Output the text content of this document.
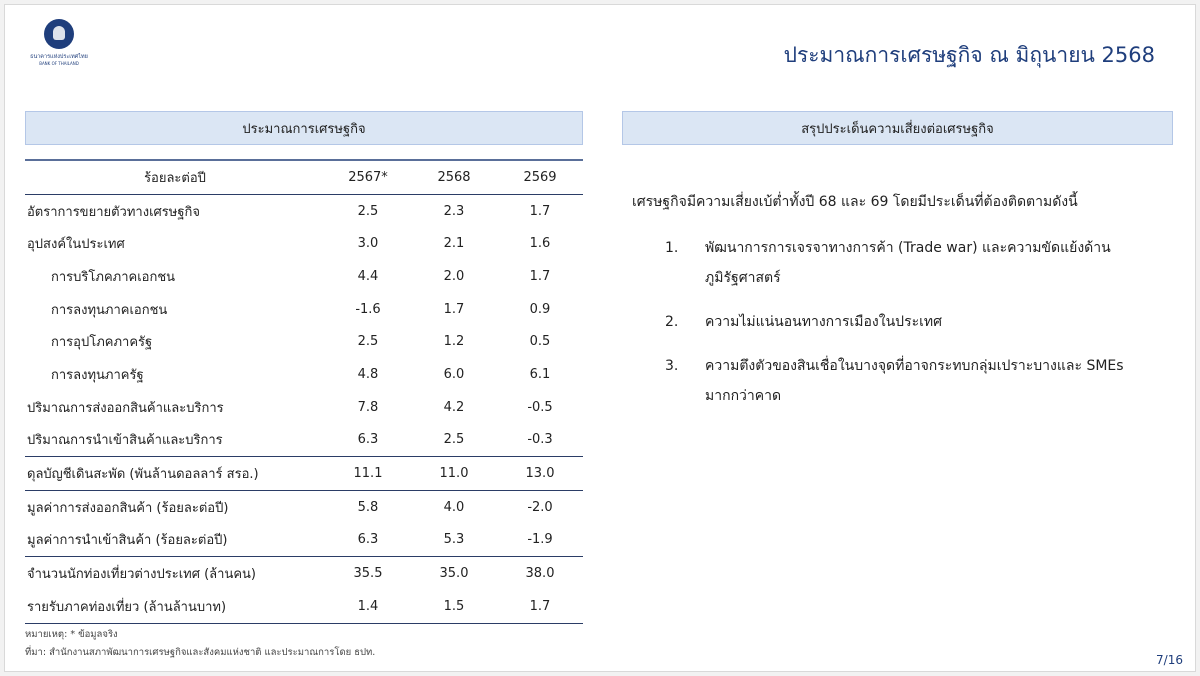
ธนาคารแห่งประเทศไทย
BANK OF THAILAND	ประมาณการเศรษฐกิจ ณ มิถุนายน 2568
ประมาณการเศรษฐกิจ	สรุปประเด็นความเสี่ยงต่อเศรษฐกิจ
ร้อยละต่อปี	2567*	2568	2569
อัตราการขยายตัวทางเศรษฐกิจ	2.5	2.3	1.7
อุปสงค์ในประเทศ	3.0	2.1	1.6
การบริโภคภาคเอกชน	4.4	2.0	1.7
การลงทุนภาคเอกชน	-1.6	1.7	0.9
การอุปโภคภาครัฐ	2.5	1.2	0.5
การลงทุนภาครัฐ	4.8	6.0	6.1
ปริมาณการส่งออกสินค้าและบริการ	7.8	4.2	-0.5
ปริมาณการนำเข้าสินค้าและบริการ	6.3	2.5	-0.3
ดุลบัญชีเดินสะพัด (พันล้านดอลลาร์ สรอ.)	11.1	11.0	13.0
มูลค่าการส่งออกสินค้า (ร้อยละต่อปี)	5.8	4.0	-2.0
มูลค่าการนำเข้าสินค้า (ร้อยละต่อปี)	6.3	5.3	-1.9
จำนวนนักท่องเที่ยวต่างประเทศ (ล้านคน)	35.5	35.0	38.0
รายรับภาคท่องเที่ยว (ล้านล้านบาท)	1.4	1.5	1.7
หมายเหตุ: * ข้อมูลจริง
ที่มา: สำนักงานสภาพัฒนาการเศรษฐกิจและสังคมแห่งชาติ และประมาณการโดย ธปท.
เศรษฐกิจมีความเสี่ยงเบ้ต่ำทั้งปี 68 และ 69 โดยมีประเด็นที่ต้องติดตามดังนี้
1.	พัฒนาการการเจรจาทางการค้า (Trade war) และความขัดแย้งด้านภูมิรัฐศาสตร์
2.	ความไม่แน่นอนทางการเมืองในประเทศ
3.	ความตึงตัวของสินเชื่อในบางจุดที่อาจกระทบกลุ่มเปราะบางและ SMEs มากกว่าคาด
7/16
